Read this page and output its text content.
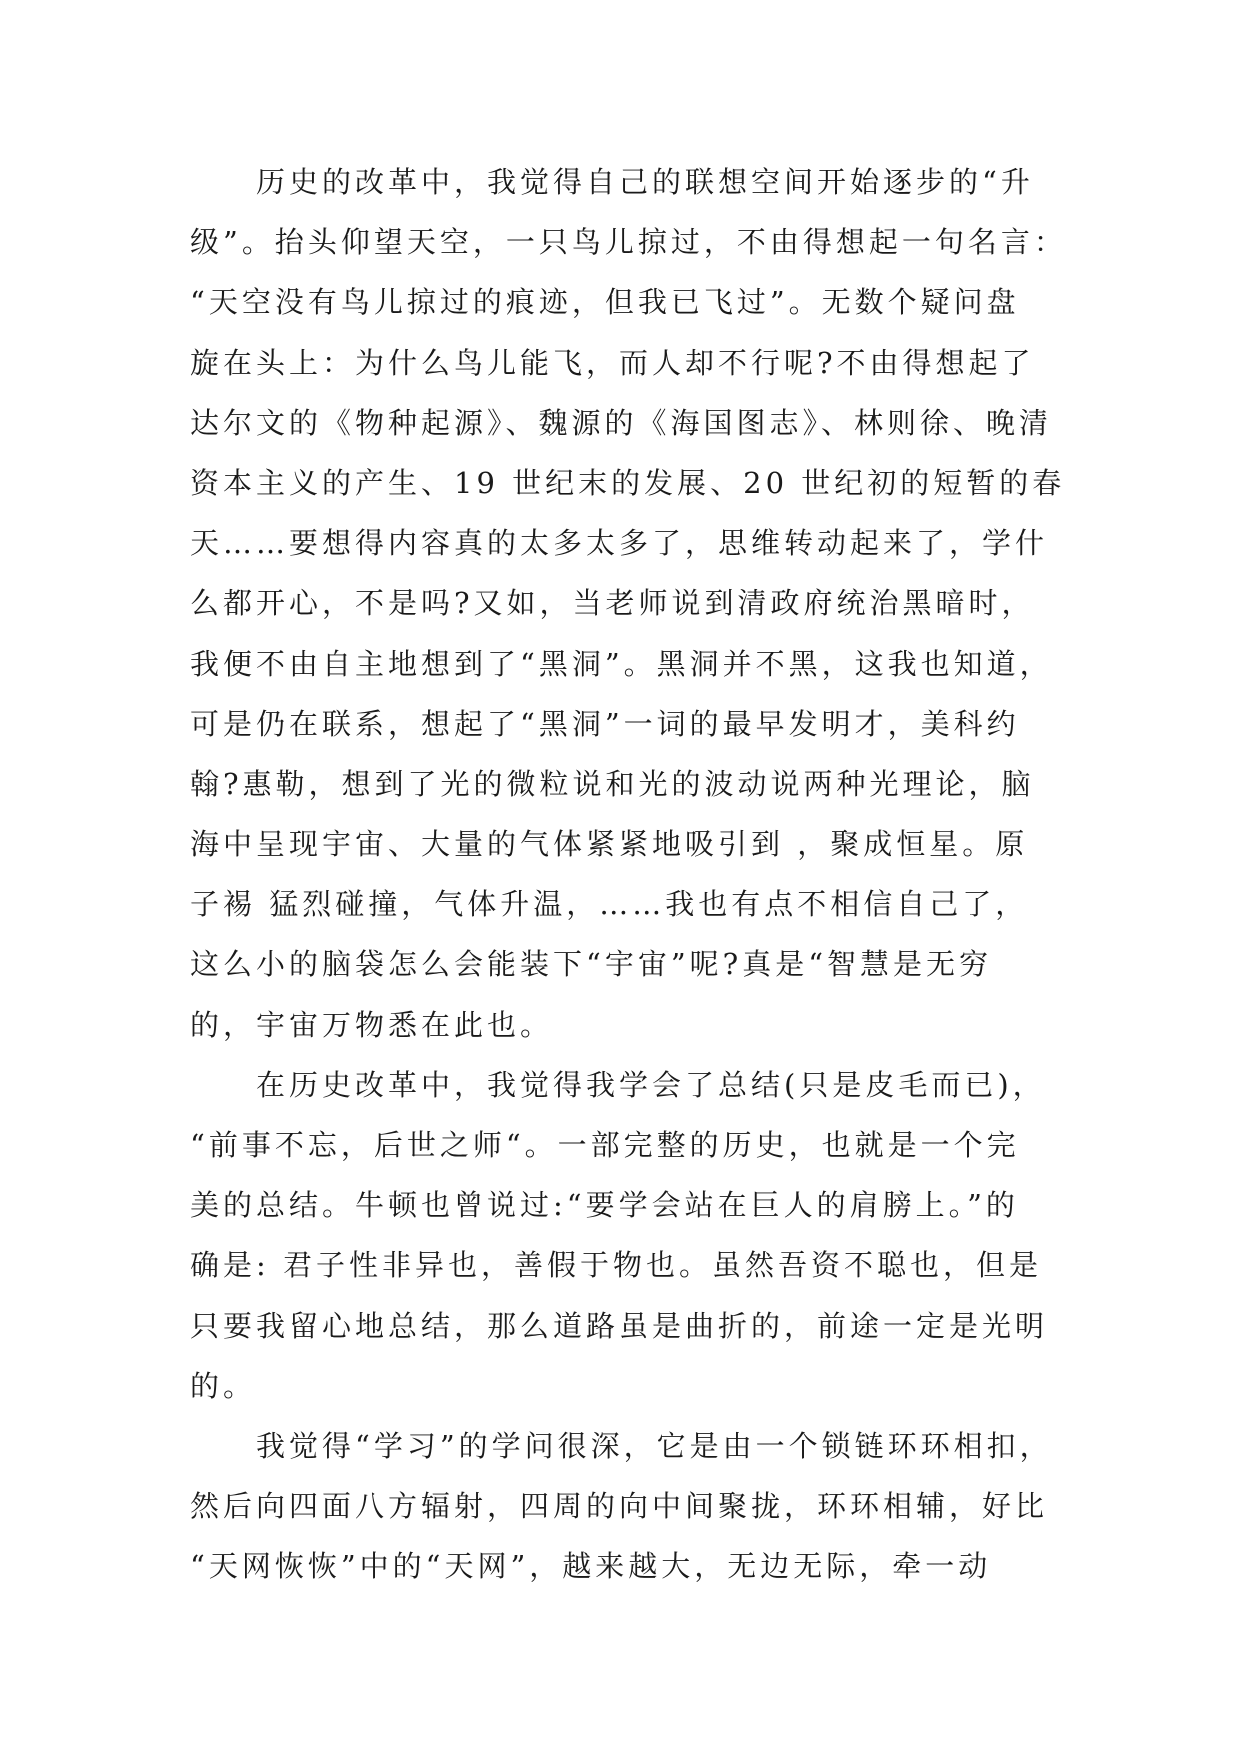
历史的改革中，我觉得自己的联想空间开始逐步的“升
级”。抬头仰望天空，一只鸟儿掠过，不由得想起一句名言：
“天空没有鸟儿掠过的痕迹，但我已飞过”。无数个疑问盘
旋在头上：为什么鸟儿能飞，而人却不行呢?不由得想起了
达尔文的《物种起源》、魏源的《海国图志》、林则徐、晚清
资本主义的产生、19 世纪末的发展、20 世纪初的短暂的春
天……要想得内容真的太多太多了，思维转动起来了，学什
么都开心，不是吗?又如，当老师说到清政府统治黑暗时，
我便不由自主地想到了“黑洞”。黑洞并不黑，这我也知道，
可是仍在联系，想起了“黑洞”一词的最早发明才，美科约
翰?惠勒，想到了光的微粒说和光的波动说两种光理论，脑
海中呈现宇宙、大量的气体紧紧地吸引到 ，聚成恒星。原
子裼 猛烈碰撞，气体升温，……我也有点不相信自己了，
这么小的脑袋怎么会能装下“宇宙”呢?真是“智慧是无穷
的，宇宙万物悉在此也。
在历史改革中，我觉得我学会了总结(只是皮毛而已)，
“前事不忘，后世之师“。一部完整的历史，也就是一个完
美的总结。牛顿也曾说过:“要学会站在巨人的肩膀上。”的
确是: 君子性非异也，善假于物也。虽然吾资不聪也，但是
只要我留心地总结，那么道路虽是曲折的，前途一定是光明
的。
我觉得“学习”的学问很深，它是由一个锁链环环相扣，
然后向四面八方辐射，四周的向中间聚拢，环环相辅，好比
“天网恢恢”中的“天网”，越来越大，无边无际，牵一动
